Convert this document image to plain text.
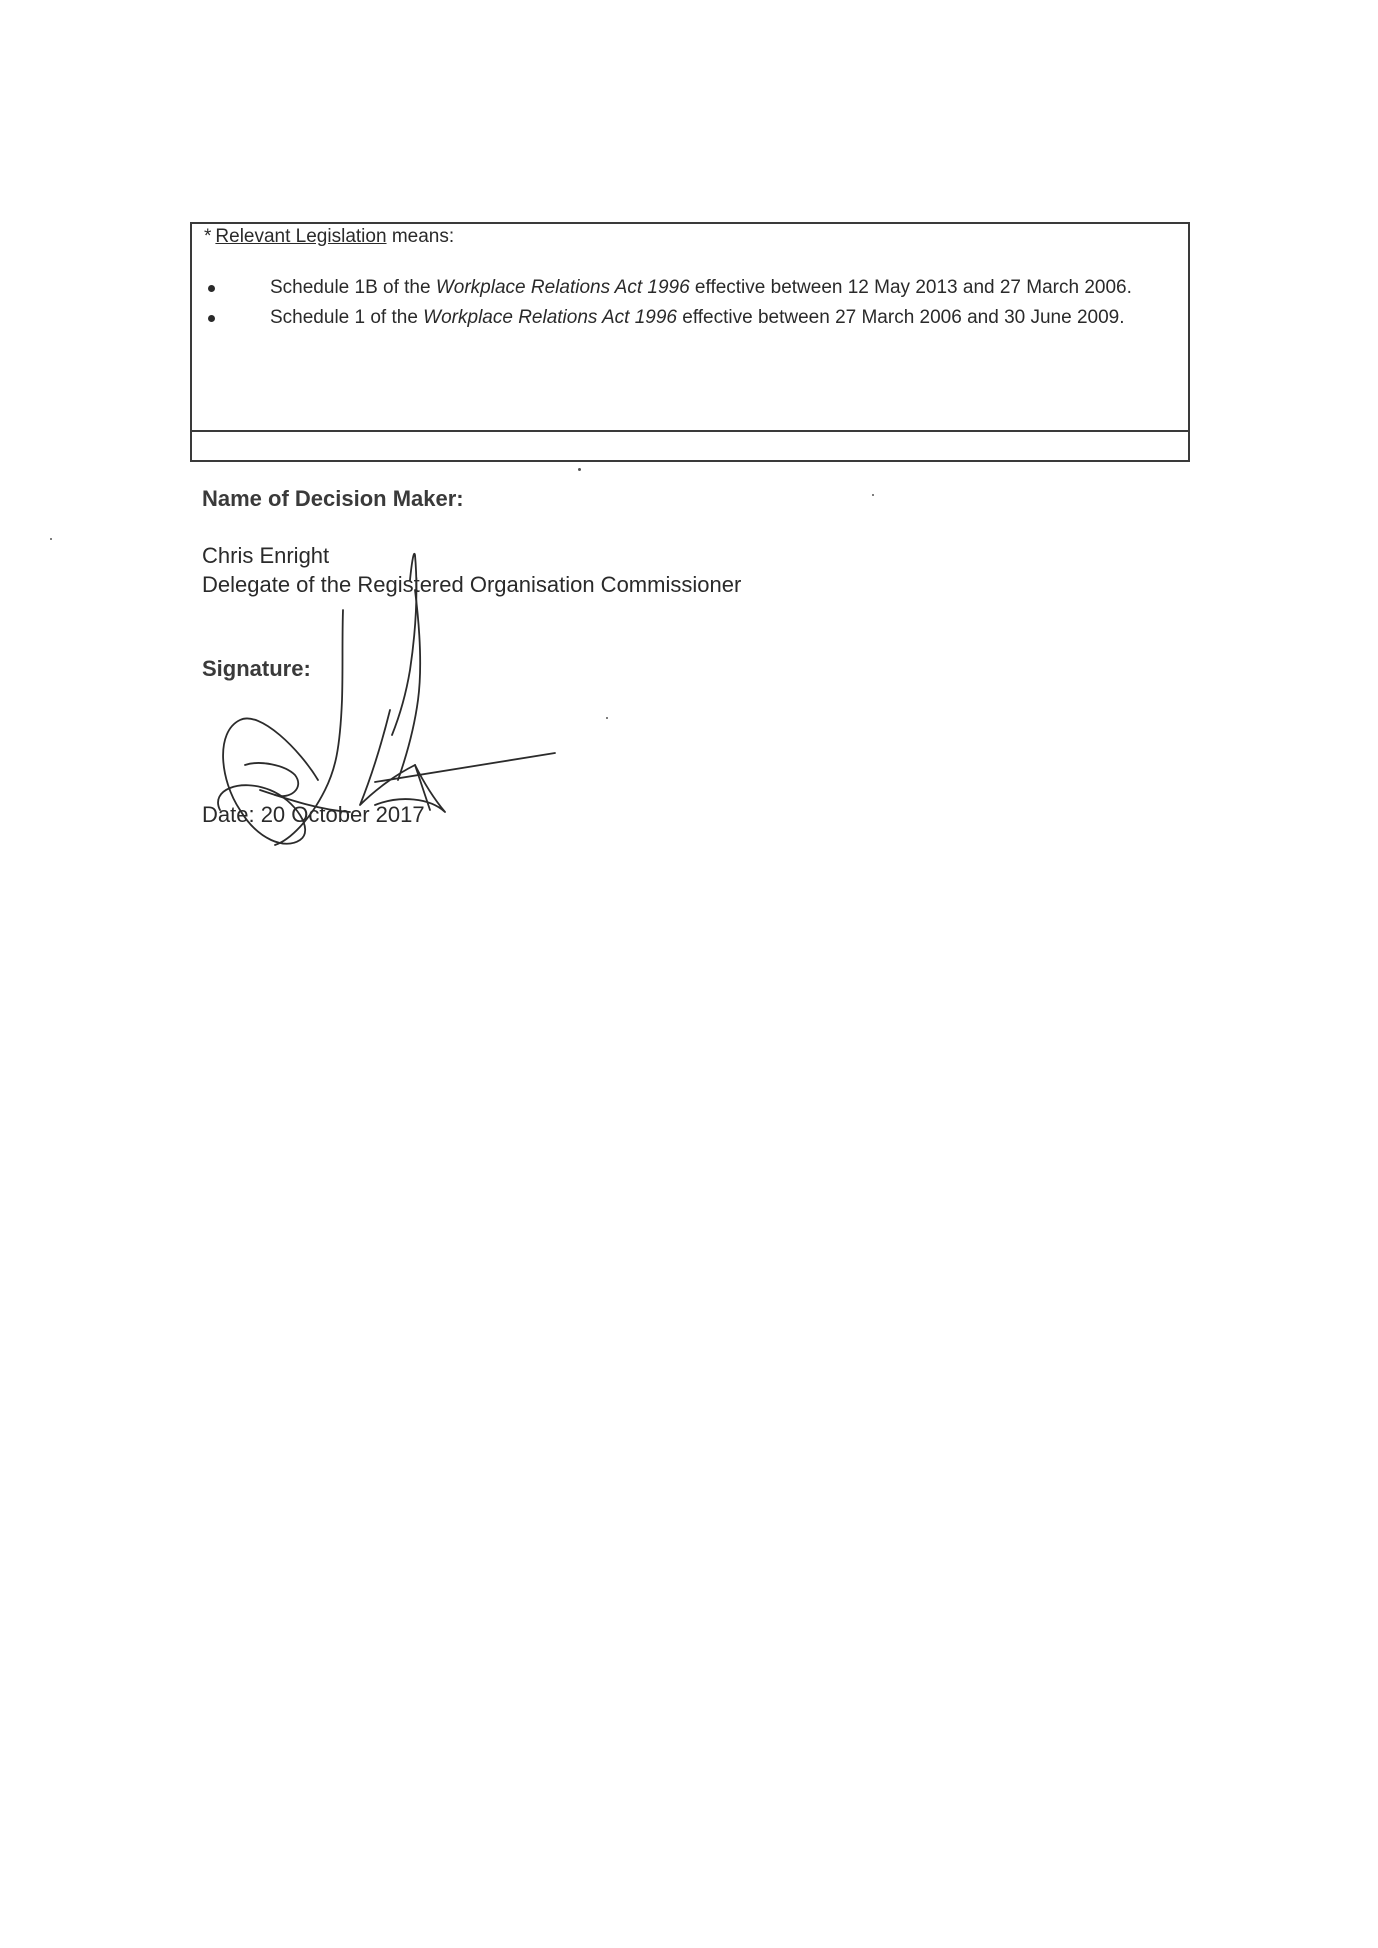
* Relevant Legislation means:
Schedule 1B of the Workplace Relations Act 1996 effective between 12 May 2013 and 27 March 2006.
Schedule 1 of the Workplace Relations Act 1996 effective between 27 March 2006 and 30 June 2009.
Name of Decision Maker:
Chris Enright
Delegate of the Registered Organisation Commissioner
Signature:
Date: 20 October 2017
